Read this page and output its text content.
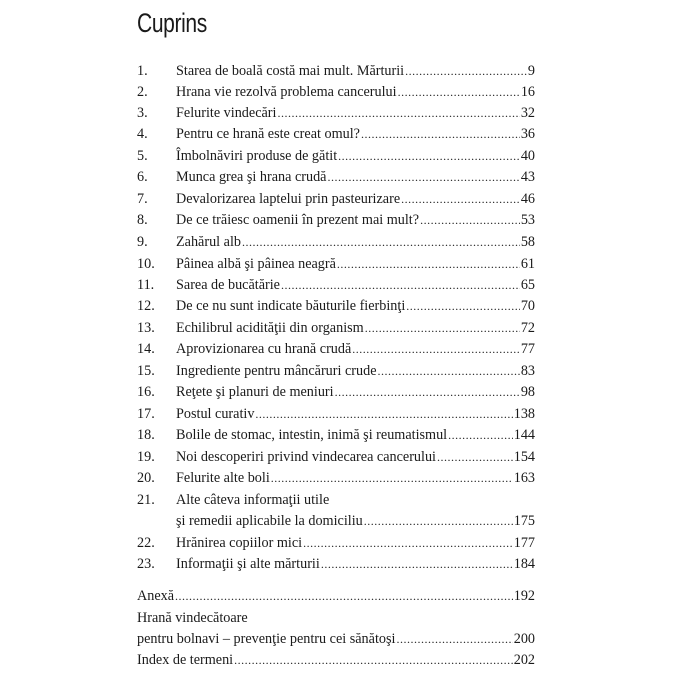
Cuprins
1.	Starea de boală costă mai mult. Mărturii .....	9
2.	Hrana vie rezolvă problema cancerului .....	16
3.	Felurite vindecări .....	32
4.	Pentru ce hrană este creat omul? .....	36
5.	Îmbolnăviri produse de gătit .....	40
6.	Munca grea şi hrana crudă .....	43
7.	Devalorizarea laptelui prin pasteurizare .....	46
8.	De ce trăiesc oamenii în prezent mai mult? .....	53
9.	Zahărul alb .....	58
10.	Pâinea albă şi pâinea neagră .....	61
11.	Sarea de bucătărie .....	65
12.	De ce nu sunt indicate băuturile fierbinţi .....	70
13.	Echilibrul acidităţii din organism .....	72
14.	Aprovizionarea cu hrană crudă .....	77
15.	Ingrediente pentru mâncăruri crude .....	83
16.	Reţete şi planuri de meniuri .....	98
17.	Postul curativ .....	138
18.	Bolile de stomac, intestin, inimă şi reumatismul .....	144
19.	Noi descoperiri privind vindecarea cancerului .....	154
20.	Felurite alte boli .....	163
21.	Alte câteva informaţii utile
şi remedii aplicabile la domiciliu .....	175
22.	Hrănirea copiilor mici .....	177
23.	Informaţii şi alte mărturii .....	184
Anexă .....	192
Hrană vindecătoare
pentru bolnavi – prevenţie pentru cei sănătoşi .....	200
Index de termeni .....	202
